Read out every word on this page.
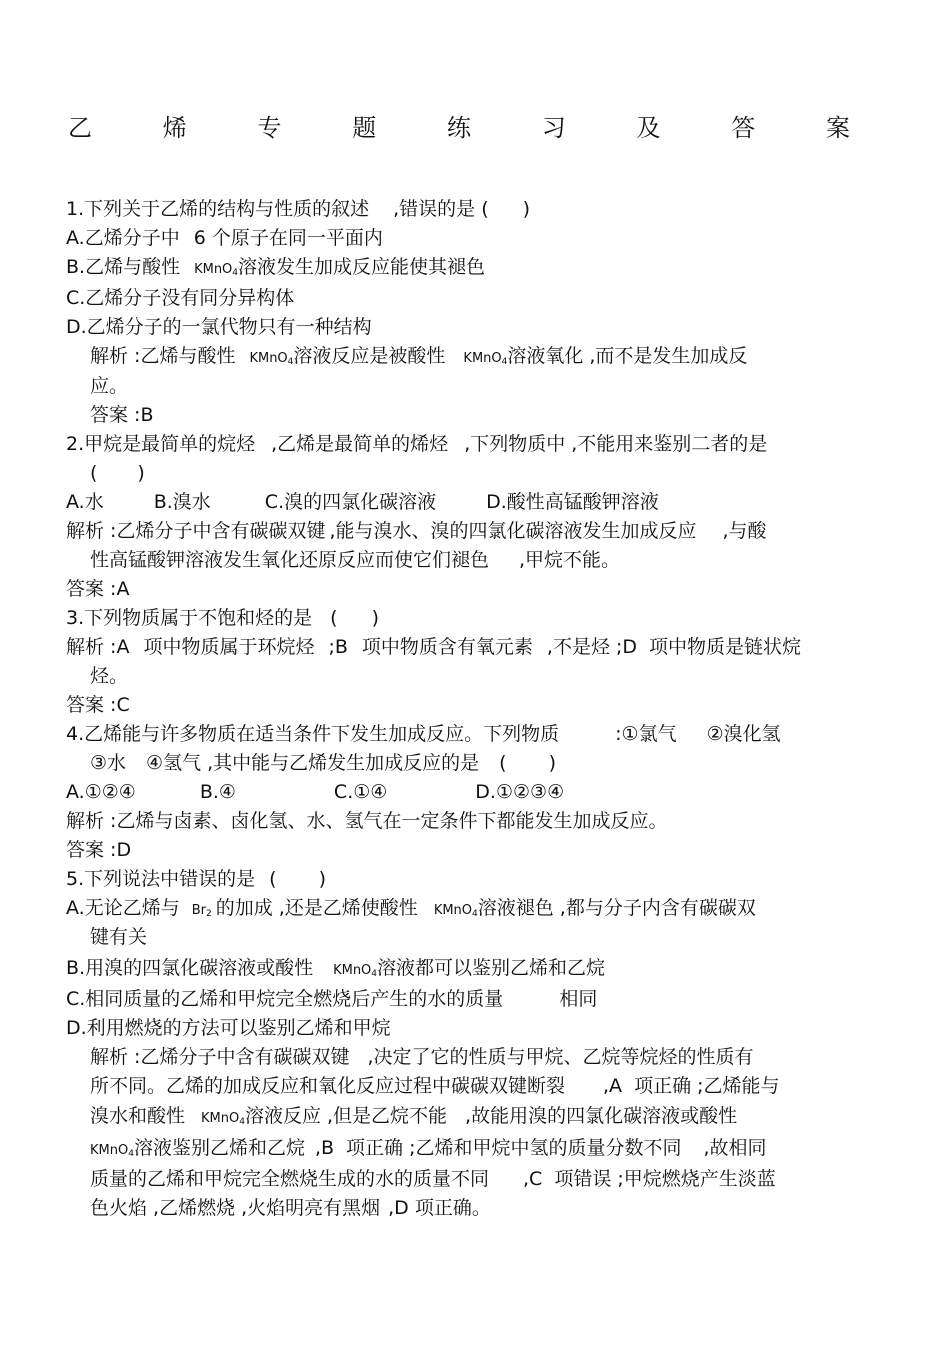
乙	烯	专	题	练	习	及	答	案
1.下列关于乙烯的结构与性质的叙述 ,错误的是 ( )
A.乙烯分子中 6 个原子在同一平面内
B.乙烯与酸性 KMnO$_4$溶液发生加成反应能使其褪色
C.乙烯分子没有同分异构体
D.乙烯分子的一氯代物只有一种结构
解析 :乙烯与酸性 KMnO$_4$溶液反应是被酸性 KMnO$_4$溶液氧化 ,而不是发生加成反
应。
答案 :B
2.甲烷是最简单的烷烃 ,乙烯是最简单的烯烃 ,下列物质中 ,不能用来鉴别二者的是
( )
A.水	B.溴水	C.溴的四氯化碳溶液	D.酸性高锰酸钾溶液
解析 :乙烯分子中含有碳碳双键 ,能与溴水、溴的四氯化碳溶液发生加成反应 ,与酸
性高锰酸钾溶液发生氧化还原反应而使它们褪色 ,甲烷不能。
答案 :A
3.下列物质属于不饱和烃的是 ( )
解析 :A 项中物质属于环烷烃 ;B 项中物质含有氧元素 ,不是烃 ;D 项中物质是链状烷
烃。
答案 :C
4.乙烯能与许多物质在适当条件下发生加成反应。下列物质	:①氯气 ②溴化氢
③水 ④氢气 ,其中能与乙烯发生加成反应的是 ( )
A.①②④	B.④	C.①④	D.①②③④
解析 :乙烯与卤素、卤化氢、水、氢气在一定条件下都能发生加成反应。
答案 :D
5.下列说法中错误的是 ( )
A.无论乙烯与 $Br_2$ 的加成 ,还是乙烯使酸性 KMnO$_4$溶液褪色 ,都与分子内含有碳碳双
键有关
B.用溴的四氯化碳溶液或酸性 KMnO$_4$溶液都可以鉴别乙烯和乙烷
C.相同质量的乙烯和甲烷完全燃烧后产生的水的质量	相同
D.利用燃烧的方法可以鉴别乙烯和甲烷
解析 :乙烯分子中含有碳碳双键 ,决定了它的性质与甲烷、乙烷等烷烃的性质有
所不同。乙烯的加成反应和氧化反应过程中碳碳双键断裂 ,A 项正确 ;乙烯能与
溴水和酸性 KMnO$_4$溶液反应 ,但是乙烷不能 ,故能用溴的四氯化碳溶液或酸性
KMnO$_4$溶液鉴别乙烯和乙烷 ,B 项正确 ;乙烯和甲烷中氢的质量分数不同 ,故相同
质量的乙烯和甲烷完全燃烧生成的水的质量不同 ,C 项错误 ;甲烷燃烧产生淡蓝
色火焰 ,乙烯燃烧 ,火焰明亮有黑烟 ,D 项正确。
